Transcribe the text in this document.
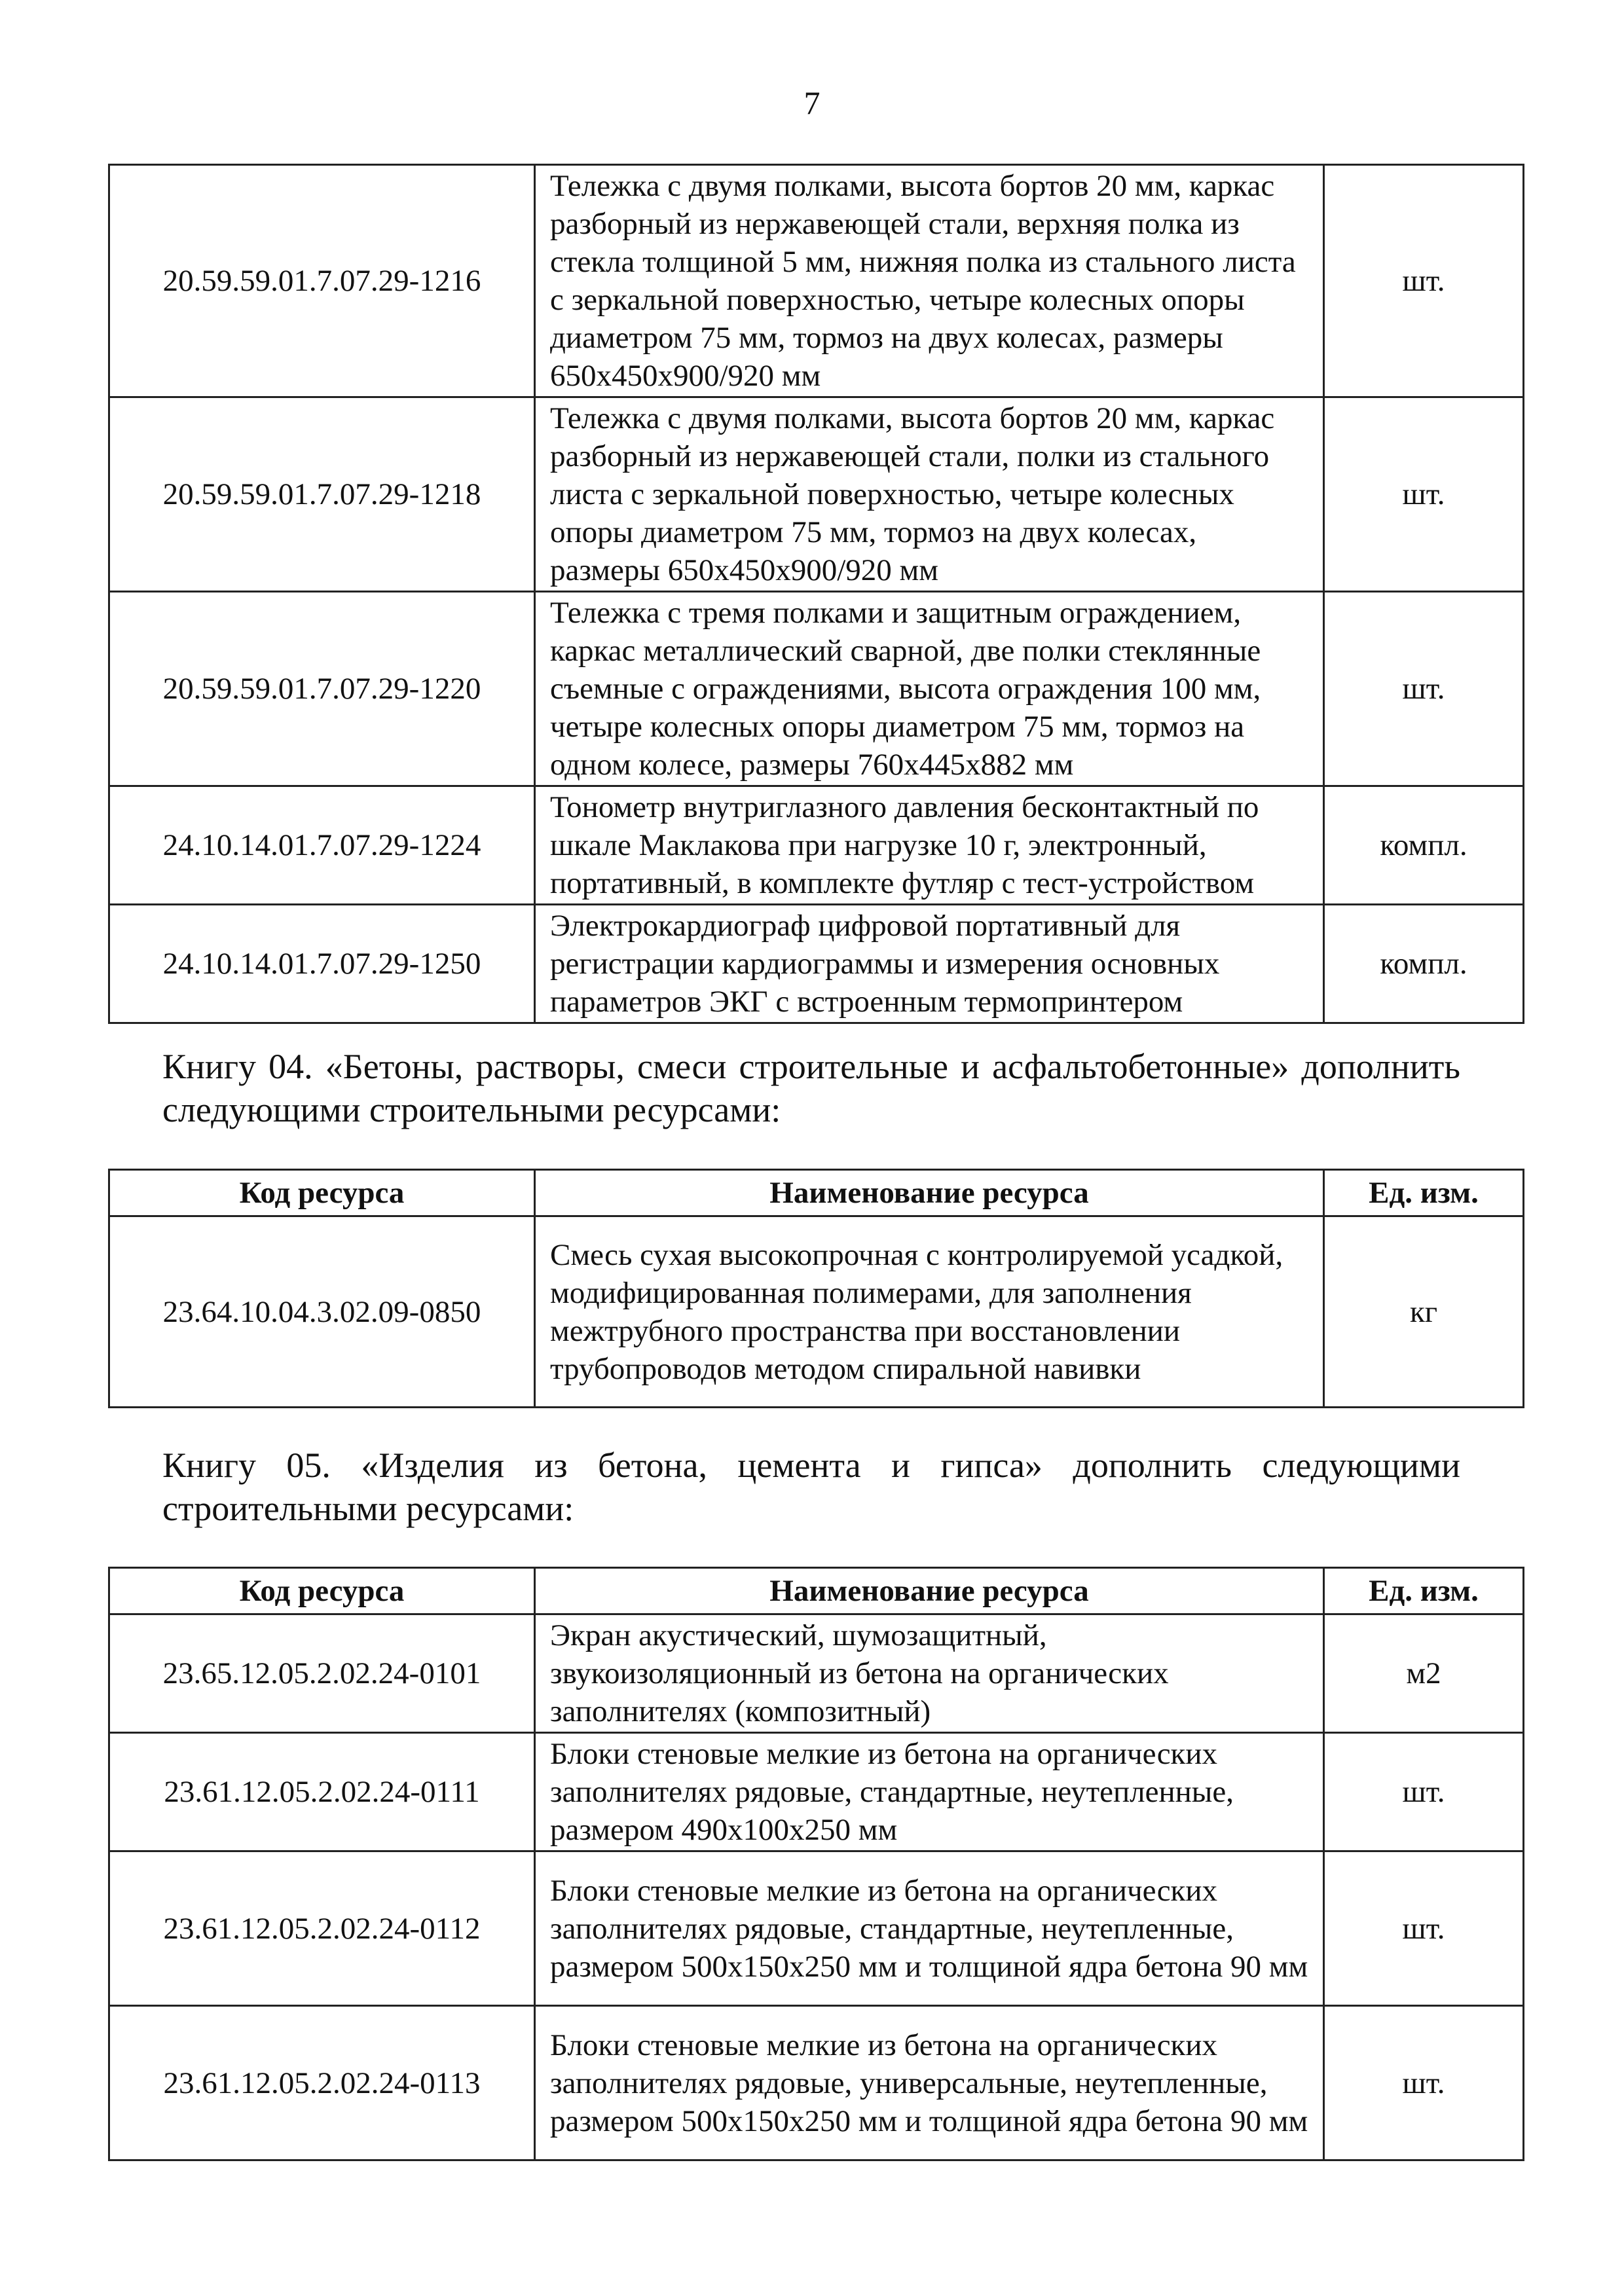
7
20.59.59.01.7.07.29-1216	Тележка с двумя полками, высота бортов 20 мм, каркас разборный из нержавеющей стали, верхняя полка из стекла толщиной 5 мм, нижняя полка из стального листа с зеркальной поверхностью, четыре колесных опоры диаметром 75 мм, тормоз на двух колесах, размеры 650x450x900/920 мм	шт.
20.59.59.01.7.07.29-1218	Тележка с двумя полками, высота бортов 20 мм, каркас разборный из нержавеющей стали, полки из стального листа с зеркальной поверхностью, четыре колесных опоры диаметром 75 мм, тормоз на двух колесах, размеры 650x450x900/920 мм	шт.
20.59.59.01.7.07.29-1220	Тележка с тремя полками и защитным ограждением, каркас металлический сварной, две полки стеклянные съемные с ограждениями, высота ограждения 100 мм, четыре колесных опоры диаметром 75 мм, тормоз на одном колесе, размеры 760x445x882 мм	шт.
24.10.14.01.7.07.29-1224	Тонометр внутриглазного давления бесконтактный по шкале Маклакова при нагрузке 10 г, электронный, портативный, в комплекте футляр с тест-устройством	компл.
24.10.14.01.7.07.29-1250	Электрокардиограф цифровой портативный для регистрации кардиограммы и измерения основных параметров ЭКГ с встроенным термопринтером	компл.

Книгу 04. «Бетоны, растворы, смеси строительные и асфальтобетонные» дополнить следующими строительными ресурсами:

Код ресурса	Наименование ресурса	Ед. изм.
23.64.10.04.3.02.09-0850	Смесь сухая высокопрочная с контролируемой усадкой, модифицированная полимерами, для заполнения межтрубного пространства при восстановлении трубопроводов методом спиральной навивки	кг

Книгу 05. «Изделия из бетона, цемента и гипса» дополнить следующими строительными ресурсами:

Код ресурса	Наименование ресурса	Ед. изм.
23.65.12.05.2.02.24-0101	Экран акустический, шумозащитный, звукоизоляционный из бетона на органических заполнителях (композитный)	м2
23.61.12.05.2.02.24-0111	Блоки стеновые мелкие из бетона на органических заполнителях рядовые, стандартные, неутепленные, размером 490x100x250 мм	шт.
23.61.12.05.2.02.24-0112	Блоки стеновые мелкие из бетона на органических заполнителях рядовые, стандартные, неутепленные, размером 500x150x250 мм и толщиной ядра бетона 90 мм	шт.
23.61.12.05.2.02.24-0113	Блоки стеновые мелкие из бетона на органических заполнителях рядовые, универсальные, неутепленные, размером 500x150x250 мм и толщиной ядра бетона 90 мм	шт.
